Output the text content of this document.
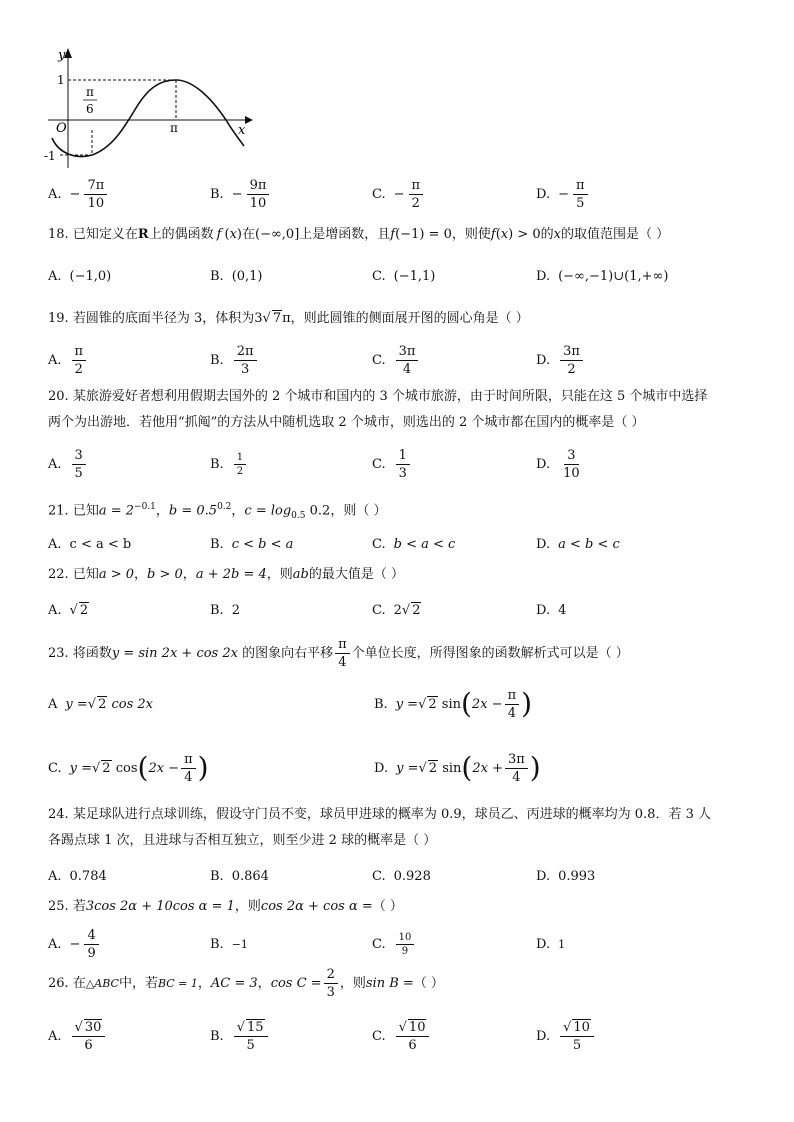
y
x
O
1
-1
π
6
π
A. − $\frac{7\pi}{10}$	B. − $\frac{9\pi}{10}$	C. − $\frac{\pi}{2}$	D. − $\frac{\pi}{5}$
18. 已知定义在R上的偶函数 f (x)在(−∞,0]上是增函数，且f(−1) = 0，则使f(x) > 0的x的取值范围是（ ）
A. (−1,0)	B. (0,1)	C. (−1,1)	D. (−∞,−1)∪(1,+∞)
19. 若圆锥的底面半径为 3，体积为3√ 7π，则此圆锥的侧面展开图的圆心角是（ ）
A. $\frac{\pi}{2}$	B. $\frac{2\pi}{3}$	C. $\frac{3\pi}{4}$	D. $\frac{3\pi}{2}$
20. 某旅游爱好者想利用假期去国外的 2 个城市和国内的 3 个城市旅游，由于时间所限，只能在这 5 个城市中选择
两个为出游地．若他用“抓阄”的方法从中随机选取 2 个城市，则选出的 2 个城市都在国内的概率是（ ）
A. $\frac{3}{5}$	B. $\frac{1}{2}$	C. $\frac{1}{3}$	D. $\frac{3}{10}$
21. 已知$a = 2^{-0.1}$，$b = 0.5^{0.2}$，$c = \log_{0.5} 0.2$，则（ ）
A. c < a < b	B. c < b < a	C. b < a < c	D. a < b < c
22. 已知a > 0，b > 0，a + 2b = 4，则ab的最大值是（ ）
A. √ 2	B. 2	C. 2 √ 2	D. 4
23. 将函数y = sin 2x + cos 2x 的图象向右平移 $\frac{\pi}{4}$ 个单位长度，所得图象的函数解析式可以是（ ）
A y = √ 2
cos 2x	B. y = √ 2
sin ( $2x - \frac{\pi}{4}$ )
C. y = √ 2
cos ( $2x - \frac{\pi}{4}$ )	D. y = √ 2
sin ( $2x + \frac{3\pi}{4}$ )
24. 某足球队进行点球训练，假设守门员不变，球员甲进球的概率为 0.9，球员乙、丙进球的概率均为 0.8．若 3 人
各踢点球 1 次，且进球与否相互独立，则至少进 2 球的概率是（ ）
A. 0.784	B. 0.864	C. 0.928	D. 0.993
25. 若3cos 2α + 10cos α = 1，则cos 2α + cos α =（ ）
A. − $\frac{4}{9}$	B. −1	C. $\frac{10}{9}$	D. 1
26. 在△ABC中，若BC = 1，AC = 3，$\cos C = \frac{2}{3}$ ，则sin B =（ ）
A. $\frac{√ 30}{6}$	B. $\frac{√ 15}{5}$	C. $\frac{√ 10}{6}$	D. $\frac{√ 10}{5}$
